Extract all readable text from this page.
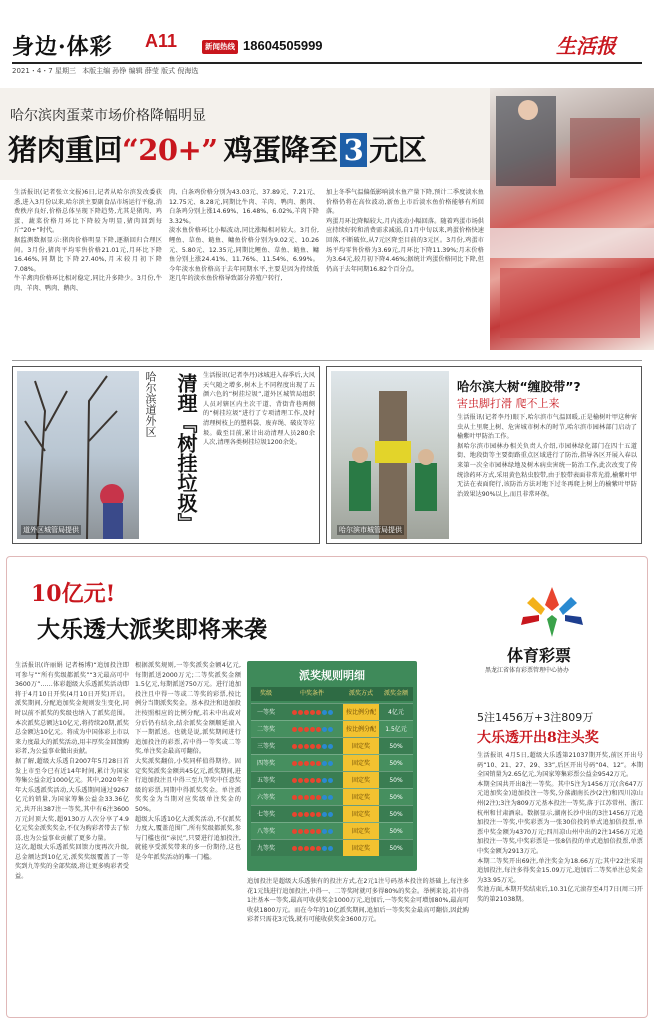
身边·体彩 A11	新闻热线 18604505999	生活报
2021・4・7 星期三 本版主编 孙铮 编辑 薛莹 版式 倪海选
哈尔滨肉蛋菜市场价格降幅明显
猪肉重回“20+” 鸡蛋降至 3 元区
生活报讯(记者张立文报)6日,记者从哈尔滨发改委获悉,进入3月份以来,哈尔滨主要副食品市场运行平稳,消费秩序良好,价格总体呈现下降趋势,尤其是猪肉、鸡蛋、蔬菜价格月环比下降较为明显,猪肉回到每斤“20+”时代。
据监测数据显示:猪肉价格明显下降,逐渐回归合理区间。3月份,猪肉平均零售价格21.01元,月环比下降16.46%,同期比下降27.40%,月末较月初下降7.08%。
牛羊禽肉价格环比相对稳定,同比升多降少。3月份,牛肉、羊肉、鸭肉、鹅肉、
肉、白条鸡价格分别为43.03元、37.89元、7.21元、12.75元、8.28元,同期比牛肉、羊肉、鸭肉、鹅肉、白条鸡分别上涨14.69%、16.48%、6.02%,羊肉下降3.32%。
淡水鱼价格环比小幅波动,同比涨幅相对较大。3月份,鲤鱼、草鱼、鲢鱼、鳙鱼价格分别为9.02元、10.26元、5.80元、12.35元,同期比鲤鱼、草鱼、鲢鱼、鳙鱼分别上涨24.41%、11.76%、11.54%、6.99%。今年淡水鱼价格高于去年同期水平,主要是因为持续低迷几年的淡水鱼价格导致部分养殖户转行,
加上冬季气温偏低影响淡水鱼产量下降,预计二季度淡水鱼价格仍将在高位波动,新鱼上市后淡水鱼价格能够有所回落。
鸡蛋月环比降幅较大,月内波动小幅回落。随着鸡蛋市场供应持续好转和消费需求减弱,自1月中旬以来,鸡蛋价格快速回落,不断破位,从7元区降至目前的3元区。3月份,鸡蛋市场平均零售价格为3.69元,月环比下降11.39%;月末价格为3.64元,较月初下降4.46%;据统计鸡蛋价格同比下降,但仍高于去年同期16.82个百分点。
道外区城管局提供
哈尔滨道外区 清理『树挂垃圾』
生活报讯(记者李丹)冰城进入春季后,大风天气随之增多,树木上不同程度出现了五颜六色的“树挂垃圾”,道外区城管局组织人员对辖区内主次干道、背街背巷两侧的“树挂垃圾”进行了专项清理工作,及时清理树枝上的塑料袋、废弃绳、破皮等垃圾。截至目前,累计出动清理人员280余人次,清理各类树挂垃圾1200余处。
哈尔滨市城管局提供
哈尔滨大树“缠胶带”?
害虫脚打滑 爬不上来
生活报讯(记者李丹)眼下,哈尔滨市气温回暖,正是榆树叶甲这种害虫从土里爬上树、危害城市树木的时节,哈尔滨市园林部门启动了榆紫叶甲防治工作。
据哈尔滨市园林办相关负责人介绍,市园林绿化部门在四十五道街、地段街等主要街路重点区域进行了防治,指导各区开展入春以来第一次全市园林绿地及树木病虫害统一防治工作,此次改变了传统涂药环方式,采用黄色粘虫胶带,由于胶带表面非常光滑,榆紫叶甲无法在表面爬行,该防治方法对地下过冬再爬上树上的榆紫叶甲防治效果达90%以上,而且非常环保。
10亿元!
大乐透大派奖即将来袭
生活报讯(许丽娟 记者杨博)“追加投注即可参与”“所有奖级都派奖”“3元最高可中3600万”……体彩超级大乐透派奖活动即将于4月10日开奖(4月10日开奖)开启。派奖期间,分配追加奖金规则发生变化,同时以前不派奖的奖级也纳入了派奖范围。本次派奖总额达10亿元,将持续20期,派奖总金额达10亿元。将成为中国体彩上市以来力度最大的派奖活动,用丰厚奖金回馈购彩者,为公益事业做出贡献。
据了解,超级大乐透自2007年5月28日首发上市至今已有近14年时间,累计为国家筹集公益金近1000亿元。其中,2020年全年大乐透派奖活动,大乐透期间通过9267亿元的销量,为国家筹集公益金33.36亿元,共开出387注一等奖,其中有6注3600万元封顶大奖,超9130万人次分享了4.9亿元奖金派奖奖金,不仅为购彩者带去了惊喜,也为公益事业贡献了更多力量。
这次,超级大乐透派奖回馈力度再次升级,总金额达到10亿元,派奖奖级覆盖了一等奖到九等奖的全部奖级,将让更多购彩者受益。
根据派奖规则,一等奖派奖金额4亿元,每期派送2000万元;二等奖派奖金额1.5亿元,每期派送750万元。进行追加投注且中得一等或二等奖的彩票,按比例分当期派奖奖金。基本投注和追加投注按照相应的比例分配,若未中出或对分后仍有结余,结余派奖金额顺延滚入下一期派送。也就是说,派奖期间进行追加投注的彩票,若中得一等奖或二等奖,单注奖金最高可翻倍。
大奖派奖翻倍,小奖同样值得期待。固定奖奖派奖金额共45亿元,派奖期间,进行追加投注且中得三至九等奖中任意奖级的彩票,同期中得派奖奖金。单注派奖奖金为当期对应奖级单注奖金的50%。
超级大乐透10亿大派奖活动,不仅派奖力度大,覆盖范围广,所有奖级都派奖,参与门槛也很“亲民”,只要进行追加投注,就能享受派奖带来的多一份期待,这也是今年派奖活动的唯一门槛。
派奖规则明细
奖级	中奖条件	派奖方式	派奖金额
一等奖	按比例分配	4亿元
二等奖	按比例分配	1.5亿元
三等奖	固定奖	50%
四等奖	固定奖	50%
五等奖	固定奖	50%
六等奖	固定奖	50%
七等奖	固定奖	50%
八等奖	固定奖	50%
九等奖	固定奖	50%
体育彩票
黑龙江省体育彩票管理中心协办
5注1456万+3注809万
大乐透开出8注头奖
生活报讯 4月5日,超级大乐透第21037期开奖,前区开出号码“10、21、27、29、33”,后区开出号码“04、12”。本期全国销量为2.65亿元,为国家筹集彩票公益金9542万元。
本期全国共开出8注一等奖。其中5注为1456万元(含647万元追加奖金)追加投注一等奖,分落湖南长沙(2注)和四川凉山州(2注);3注为809万元基本投注一等奖,落于江苏常州、浙江杭州和甘肃酒泉。数据显示,湖南长沙中出的3注1456万元追加投注一等奖,中奖彩票为一张30倍投的单式追加倍投票,单票中奖金额为4370万元;四川凉山州中出的2注1456万元追加投注一等奖,中奖彩票是一张8倍投的单式追加倍投票,单票中奖金额为2913万元。
本期二等奖开出69注,单注奖金为18.66万元;其中22注采用追加投注,每注多得奖金15.09万元,追加后二等奖单注总奖金为33.95万元。
奖池方面,本期开奖结束后,10.31亿元滚存至4月7日(周三)开奖的第21038期。
追加投注是超级大乐透独有的投注方式,在2元1注号码基本投注的基础上,每注多花1元钱进行追加投注,中得一、二等奖时就可多得80%的奖金。举例来说,若中得1注基本一等奖,最高可收获奖金1000万元,追加后,一等奖奖金可增加80%,最高可收获1800万元。而在今年的10亿派奖期间,追加后一等奖奖金最高可翻倍,因此购彩者只需花3元钱,就有可能收获奖金3600万元。
